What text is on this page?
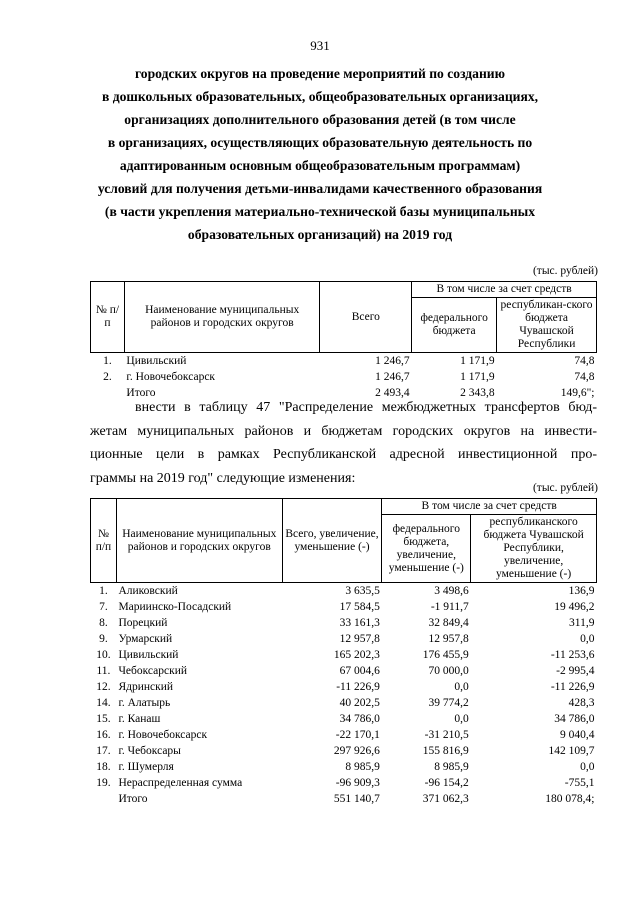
931
городских округов на проведение мероприятий по созданию
в дошкольных образовательных, общеобразовательных организациях,
организациях дополнительного образования детей (в том числе
в организациях, осуществляющих образовательную деятельность по
адаптированным основным общеобразовательным программам)
условий для получения детьми-инвалидами качественного образования
(в части укрепления материально-технической базы муниципальных
образовательных организаций) на 2019 год
(тыс. рублей)
№ п/п	Наименование муниципальных районов и городских округов	Всего	В том числе за счет средств	
			федерального бюджета	республикан-ского бюджета Чувашской Республики
1.	Цивильский	1 246,7	1 171,9	74,8
2.	г. Новочебоксарск	1 246,7	1 171,9	74,8
	Итого	2 493,4	2 343,8	149,6";
внести в таблицу 47 "Распределение межбюджетных трансфертов бюд-
жетам муниципальных районов и бюджетам городских округов на инвести-
ционные цели в рамках Республиканской адресной инвестиционной про-
граммы на 2019 год" следующие изменения:
(тыс. рублей)
№ п/п	Наименование муниципальных районов и городских округов	Всего, увеличение, уменьшение (-)	В том числе за счет средств	
			федерального бюджета, увеличение, уменьшение (-)	республиканского бюджета Чувашской Республики, увеличение, уменьшение (-)
1.	Аликовский	3 635,5	3 498,6	136,9
7.	Мариинско-Посадский	17 584,5	-1 911,7	19 496,2
8.	Порецкий	33 161,3	32 849,4	311,9
9.	Урмарский	12 957,8	12 957,8	0,0
10.	Цивильский	165 202,3	176 455,9	-11 253,6
11.	Чебоксарский	67 004,6	70 000,0	-2 995,4
12.	Ядринский	-11 226,9	0,0	-11 226,9
14.	г. Алатырь	40 202,5	39 774,2	428,3
15.	г. Канаш	34 786,0	0,0	34 786,0
16.	г. Новочебоксарск	-22 170,1	-31 210,5	9 040,4
17.	г. Чебоксары	297 926,6	155 816,9	142 109,7
18.	г. Шумерля	8 985,9	8 985,9	0,0
19.	Нераспределенная сумма	-96 909,3	-96 154,2	-755,1
	Итого	551 140,7	371 062,3	180 078,4;
